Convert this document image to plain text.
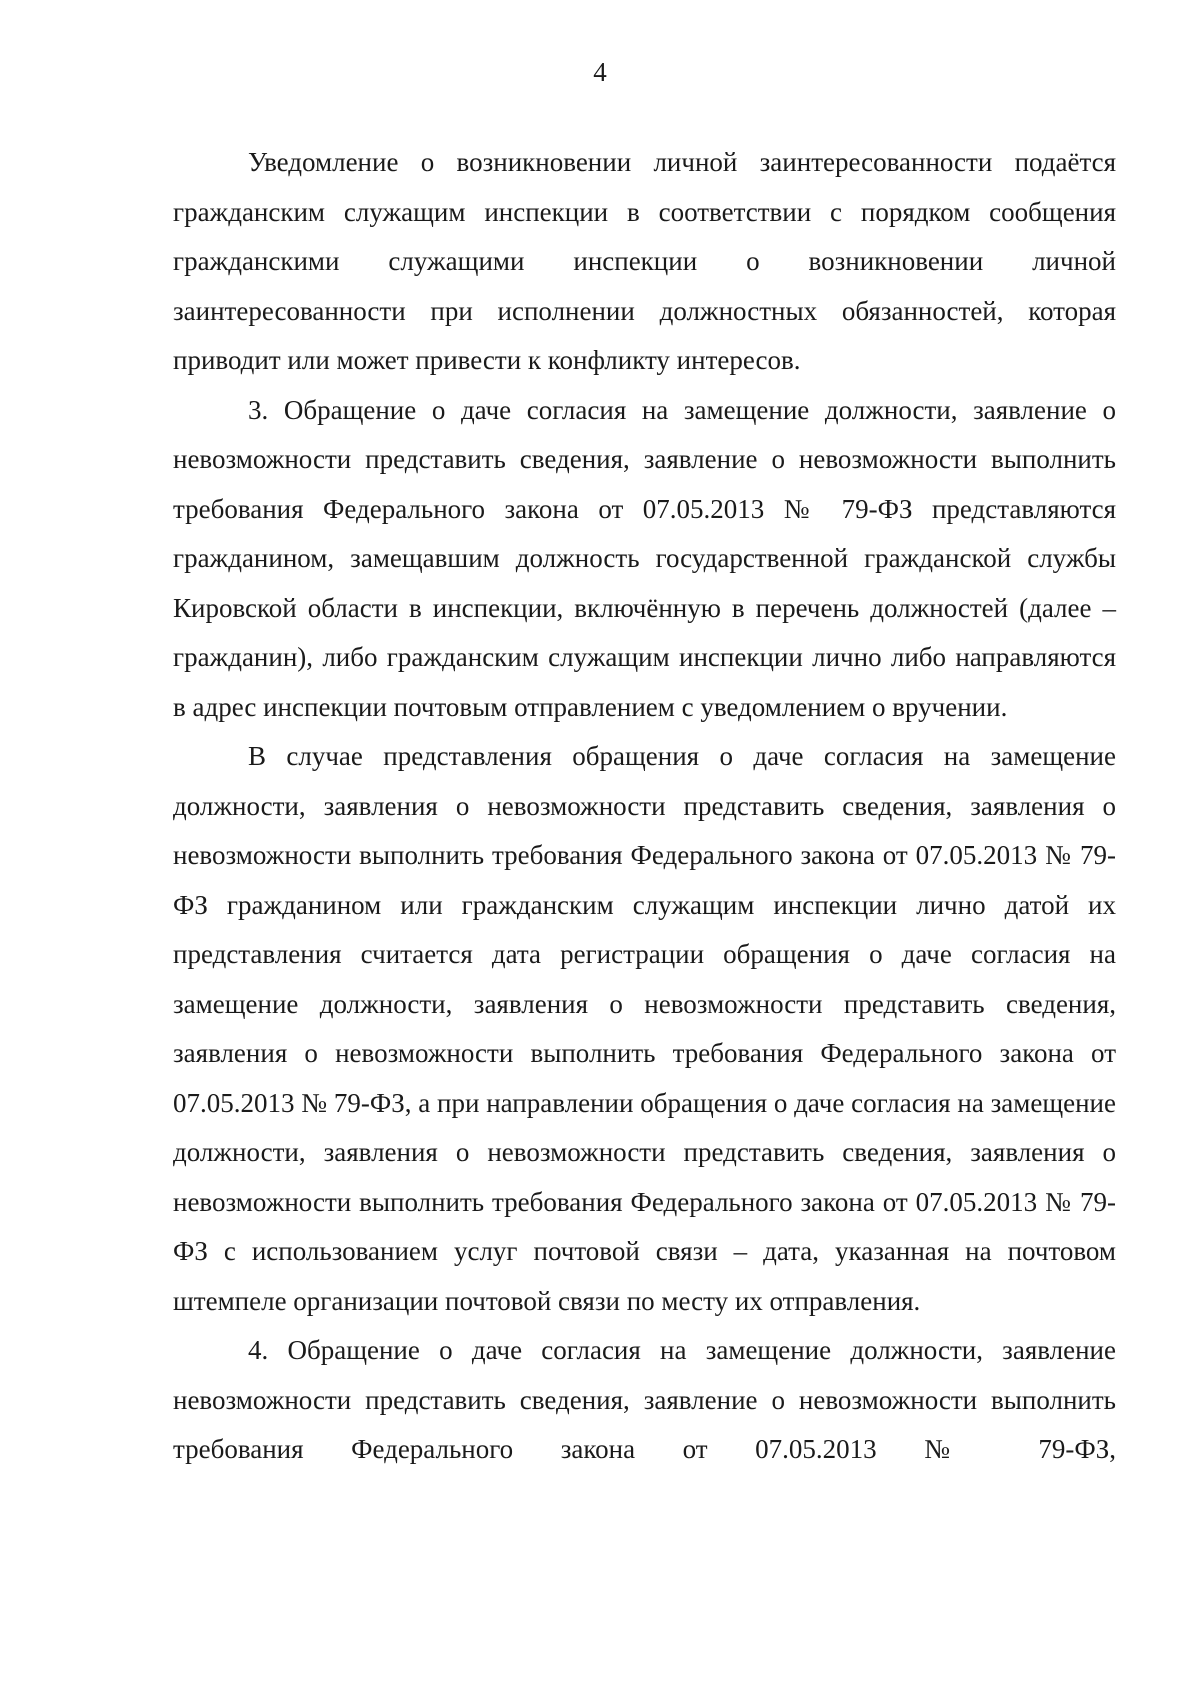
4

Уведомление о возникновении личной заинтересованности подаётся гражданским служащим инспекции в соответствии с порядком сообщения гражданскими служащими инспекции о возникновении личной заинтересованности при исполнении должностных обязанностей, которая приводит или может привести к конфликту интересов.

3. Обращение о даче согласия на замещение должности, заявление о невозможности представить сведения, заявление о невозможности выполнить требования Федерального закона от 07.05.2013 № 79-ФЗ представляются гражданином, замещавшим должность государственной гражданской службы Кировской области в инспекции, включённую в перечень должностей (далее – гражданин), либо гражданским служащим инспекции лично либо направляются в адрес инспекции почтовым отправлением с уведомлением о вручении.

В случае представления обращения о даче согласия на замещение должности, заявления о невозможности представить сведения, заявления о невозможности выполнить требования Федерального закона от 07.05.2013 № 79-ФЗ гражданином или гражданским служащим инспекции лично датой их представления считается дата регистрации обращения о даче согласия на замещение должности, заявления о невозможности представить сведения, заявления о невозможности выполнить требования Федерального закона от 07.05.2013 № 79-ФЗ, а при направлении обращения о даче согласия на замещение должности, заявления о невозможности представить сведения, заявления о невозможности выполнить требования Федерального закона от 07.05.2013 № 79-ФЗ с использованием услуг почтовой связи – дата, указанная на почтовом штемпеле организации почтовой связи по месту их отправления.

4. Обращение о даче согласия на замещение должности, заявление невозможности представить сведения, заявление о невозможности выполнить требования Федерального закона от 07.05.2013 № 79-ФЗ,
